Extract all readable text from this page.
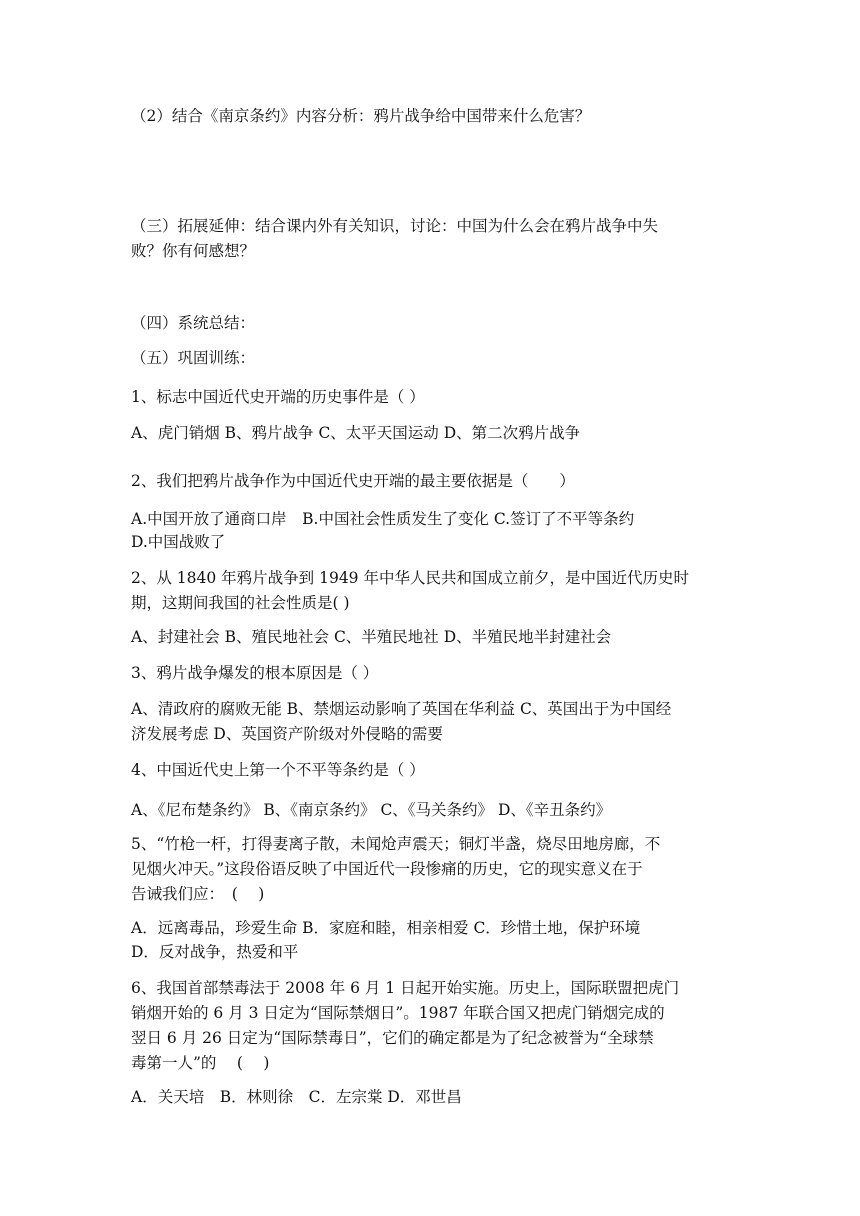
（2）结合《南京条约》内容分析：鸦片战争给中国带来什么危害？
（三）拓展延伸：结合课内外有关知识，讨论：中国为什么会在鸦片战争中失
败？你有何感想？
（四）系统总结：
（五）巩固训练：
1、标志中国近代史开端的历史事件是（ ）
A、虎门销烟 B、鸦片战争 C、太平天国运动 D、第二次鸦片战争
2、我们把鸦片战争作为中国近代史开端的最主要依据是（　　）
A.中国开放了通商口岸　B.中国社会性质发生了变化 C.签订了不平等条约
D.中国战败了
2、从 1840 年鸦片战争到 1949 年中华人民共和国成立前夕，是中国近代历史时
期，这期间我国的社会性质是( )
A、封建社会 B、殖民地社会 C、半殖民地社 D、半殖民地半封建社会
3、鸦片战争爆发的根本原因是（ ）
A、清政府的腐败无能 B、禁烟运动影响了英国在华利益 C、英国出于为中国经
济发展考虑 D、英国资产阶级对外侵略的需要
4、中国近代史上第一个不平等条约是（ ）
A、《尼布楚条约》 B、《南京条约》 C、《马关条约》 D、《辛丑条约》
5、“竹枪一杆，打得妻离子散，未闻炝声震天；铜灯半盏，烧尽田地房廊，不
见烟火冲天。”这段俗语反映了中国近代一段惨痛的历史，它的现实意义在于
告诫我们应：　(　 )
A．远离毒品，珍爱生命 B．家庭和睦，相亲相爱 C．珍惜土地，保护环境
D．反对战争，热爱和平
6、我国首部禁毒法于 2008 年 6 月 1 日起开始实施。历史上，国际联盟把虎门
销烟开始的 6 月 3 日定为“国际禁烟日”。1987 年联合国又把虎门销烟完成的
翌日 6 月 26 日定为“国际禁毒日”，它们的确定都是为了纪念被誉为“全球禁
毒第一人”的　 (　 )
A．关天培　B．林则徐　C．左宗棠 D．邓世昌
